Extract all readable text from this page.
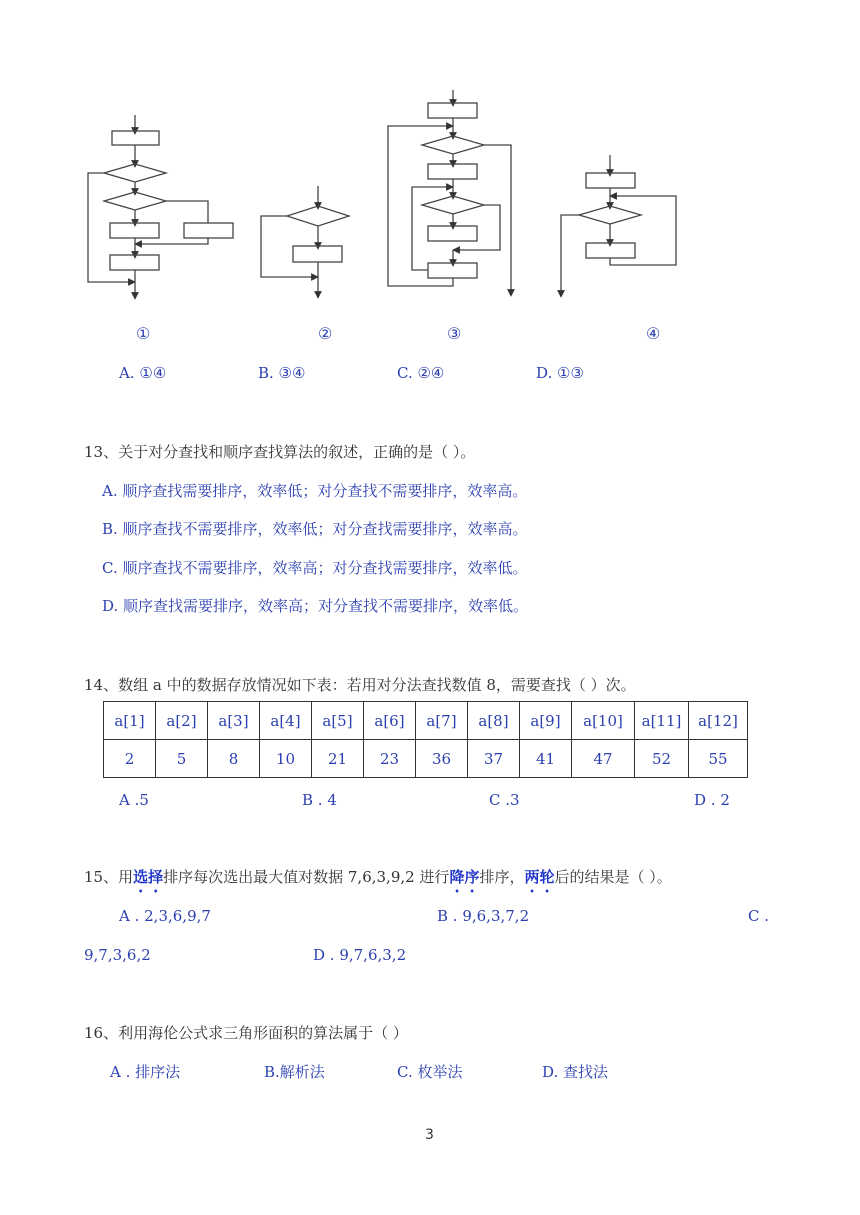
①	②	③	④
A. ①④	B. ③④	C. ②④	D. ①③
13、关于对分查找和顺序查找算法的叙述，正确的是（ ）。
A. 顺序查找需要排序，效率低；对分查找不需要排序，效率高。
B. 顺序查找不需要排序，效率低；对分查找需要排序，效率高。
C. 顺序查找不需要排序，效率高；对分查找需要排序，效率低。
D. 顺序查找需要排序，效率高；对分查找不需要排序，效率低。
14、数组 a 中的数据存放情况如下表：若用对分法查找数值 8，需要查找（ ）次。
a[1]	a[2]	a[3]	a[4]	a[5]	a[6]	a[7]	a[8]	a[9]	a[10]	a[11]	a[12]
2	5	8	10	21	23	36	37	41	47	52	55
A .5	B . 4	C .3	D . 2
15、用选择排序每次选出最大值对数据 7,6,3,9,2 进行降序排序，两轮后的结果是（ ）。
A . 2,3,6,9,7	B . 9,6,3,7,2	C .
9,7,3,6,2	D . 9,7,6,3,2
16、利用海伦公式求三角形面积的算法属于（ ）
A . 排序法	B.解析法	C. 枚举法	D. 查找法
3
